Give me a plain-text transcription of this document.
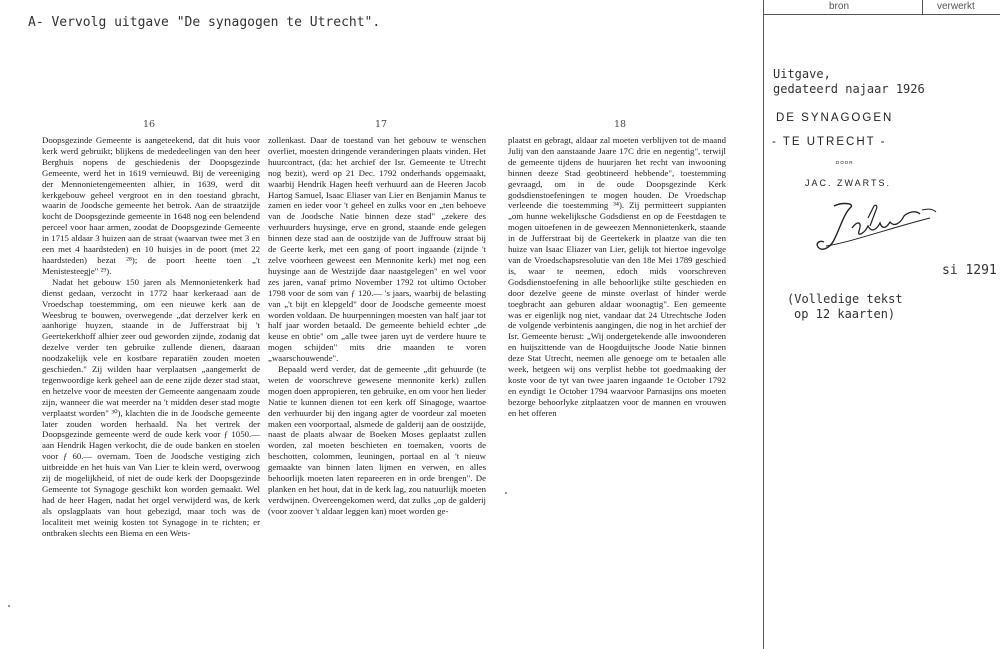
A- Vervolg uitgave "De synagogen te Utrecht".
16	17	18

Doopsgezinde Gemeente is aangeteekend, dat dit huis voor kerk werd gebruikt; blijkens de mededeelingen van den heer Berghuis nopens de geschiedenis der Doopsgezinde Gemeente, werd het in 1619 vernieuwd. Bij de vereeniging der Mennonietengemeenten alhier, in 1639, werd dit kerkgebouw geheel vergroot en in den toestand gbracht, waarin de Joodsche gemeente het betrok. Aan de straatzijde kocht de Doopsgezinde gemeente in 1648 nog een belendend perceel voor haar armen, zoodat de Doopsgezinde Gemeente in 1715 aldaar 3 huizen aan de straat (waarvan twee met 3 en een met 4 haardsteden) en 10 huisjes in de poort (met 22 haardsteden) bezat ²⁸); de poort heette toen „'t Menistesteegje" ²⁹).

Nadat het gebouw 150 jaren als Mennonietenkerk had dienst gedaan, verzocht in 1772 haar kerkeraad aan de Vroedschap toestemming, om een nieuwe kerk aan de Weesbrug te bouwen, overwegende „dat derzelver kerk en aanhorige huyzen, staande in de Jufferstraat bij 't Geertekerkhoff alhier zeer oud geworden zijnde, zodanig dat dezelve verder ten gebruike zullende dienen, daaraan noodzakelijk vele en kostbare reparatiën zouden moeten geschieden." Zij wilden haar verplaatsen „aangemerkt de tegenwoordige kerk geheel aan de eene zijde dezer stad staat, en hetzelve voor de meesten der Gemeente aangenaam zoude zijn, wanneer die wat meerder na 't midden deser stad mogte verplaatst worden" ³⁰), klachten die in de Joodsche gemeente later zouden worden herhaald. Na het vertrek der Doopsgezinde gemeente werd de oude kerk voor ƒ 1050.— aan Hendrik Hagen verkocht, die de oude banken en stoelen voor ƒ 60.— overnam. Toen de Joodsche vestiging zich uitbreidde en het huis van Van Lier te klein werd, overwoog zij de mogelijkheid, of niet de oude kerk der Doopsgezinde Gemeente tot Synagoge geschikt kon worden gemaakt. Wel had de heer Hagen, nadat het orgel verwijderd was, de kerk als opslagplaats van hout gebezigd, maar toch was de localiteit met weinig kosten tot Synagoge in te richten; er ontbraken slechts een Biema en een Wets-

zollenkast. Daar de toestand van het gebouw te wenschen overliet, moesten dringende veranderingen plaats vinden. Het huurcontract, (da: het archief der Isr. Gemeente te Utrecht nog bezit), werd op 21 Dec. 1792 onderhands opgemaakt, waarbij Hendrik Hagen heeft verhuurd aan de Heeren Jacob Hartog Samuel, Isaac Eliaser van Lier en Benjamin Manus te zamen en ieder voor 't geheel en zulks voor en „ten behoeve van de Joodsche Natie binnen deze stad" „zekere des verhuurders huysinge, erve en grond, staande ende gelegen binnen deze stad aan de oostzijde van de Juffrouw straat bij de Geerte kerk, met een gang of poort ingaande (zijnde 't zelve voorheen geweest een Mennonite kerk) met nog een huysinge aan de Westzijde daar naastgelegen" en wel voor zes jaren, vanaf primo November 1792 tot ultimo October 1798 voor de som van ƒ 120.— 's jaars, waarbij de belasting van „'t bijt en klepgeld" door de Joodsche gemeente moest worden voldaan. De huurpenningen moesten van half jaar tot half jaar worden betaald. De gemeente behield echter „de keuse en obtie" om „alle twee jaren uyt de verdere huure te mogen schijden" mits drie maanden te voren „waarschouwende".

Bepaald werd verder, dat de gemeente „dit gehuurde (te weten de voorschreve gewesene mennonite kerk) zullen mogen doen appropieren, ten gebruike, en om voor hen lieder Natie te kunnen dienen tot een kerk off Sinagoge, waartoe den verhuurder bij den ingang agter de voordeur zal moeten maken een voorportaal, alsmede de galderij aan de oostzijde, naast de plaats alwaar de Boeken Moses geplaatst zullen worden, zal moeten beschieten en toemaken, voorts de beschotten, colommen, leuningen, portaal en al 't nieuw gemaakte van binnen laten lijmen en verwen, en alles behoorlijk moeten laten repareeren en in orde brengen". De planken en het hout, dat in de kerk lag, zou natuurlijk moeten verdwijnen. Overeengekomen werd, dat zulks „op de galderij (voor zoover 't aldaar leggen kan) moet worden ge-

plaatst en gebragt, aldaar zal moeten verblijven tot de maand Julij van den aanstaande Jaare 17C drie en negentig", terwijl de gemeente tijdens de huurjaren het recht van inwooning binnen deeze Stad geobtineerd hebbende", toestemming gevraagd, om in de oude Doopsgezinde Kerk godsdienstoefeningen te mogen houden. De Vroedschap verleende die toestemming ³⁴). Zij permitteert suppianten „om hunne wekelijksche Godsdienst en op de Feestdagen te mogen uitoefenen in de geweezen Mennonietenkerk, staande in de Jufferstraat bij de Geertekerk in plaatze van die ten huize van Isaac Eliazer van Lier, gelijk tot hiertoe ingevolge van de Vroedschapsresolutie van den 18e Mei 1789 geschied is, waar te neemen, edoch mids voorschreven Godsdienstoefening in alle behoorlijke stilte geschieden en door dezelve geene de minste overlast of hinder werde toegbracht aan geburen aldaar woonagtig". Een gemeente was er eigenlijk nog niet, vandaar dat 24 Utrechtsche Joden de volgende verbintenis aangingen, die nog in het archief der Isr. Gemeente berust: „Wij ondergetekende alle inwoonderen en huijszittende van de Hoogduijtsche Joode Natie binnen deze Stat Utrecht, neemen alle genoege om te betaalen alle week, hetgeen wij ons verplist hebbe tot goedmaaking der koste voor de tyt van twee jaaren ingaande 1e October 1792 en eyndigt 1e October 1794 waarvoor Parnasijns ons moeten bezorge behoorlyke zitplaatzen voor de mannen en vrouwen en het offeren

bron	verwerkt
Uitgave,
gedateerd najaar 1926
DE SYNAGOGEN
- TE UTRECHT -
DOOR
JAC. ZWARTS.
si 1291
(Volledige tekst
op 12 kaarten)
